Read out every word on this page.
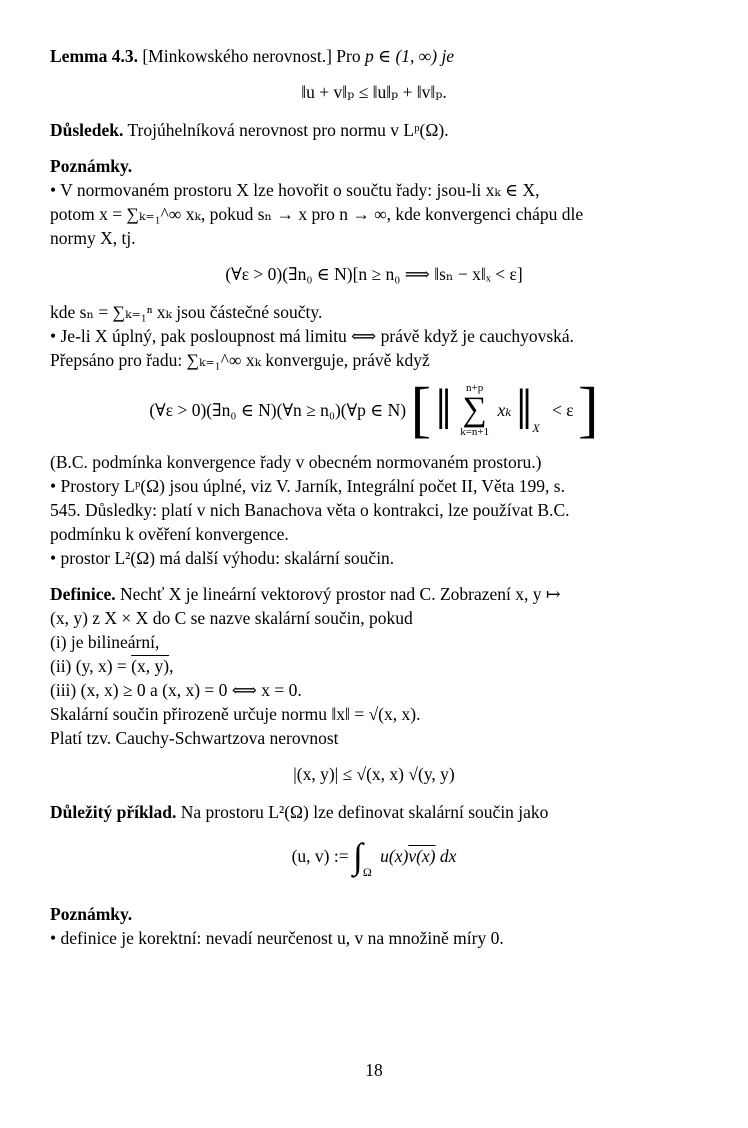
Lemma 4.3. [Minkowského nerovnost.] Pro p ∈ (1, ∞) je

‖u + v‖ₚ ≤ ‖u‖ₚ + ‖v‖ₚ.

Důsledek. Trojúhelníková nerovnost pro normu v Lᵖ(Ω).

Poznámky.

• V normovaném prostoru X lze hovořit o součtu řady: jsou-li xₖ ∈ X,

potom x = ∑ₖ₌₁^∞ xₖ, pokud sₙ → x pro n → ∞, kde konvergenci chápu dle

normy X, tj.

(∀ε > 0)(∃n₀ ∈ N)[n ≥ n₀ ⟹ ‖sₙ − x‖ₓ < ε]

kde sₙ = ∑ₖ₌₁ⁿ xₖ jsou částečné součty.

• Je-li X úplný, pak posloupnost má limitu ⟺ právě když je cauchyovská.

Přepsáno pro řadu: ∑ₖ₌₁^∞ xₖ konverguje, právě když

(∀ε > 0)(∃n₀ ∈ N)(∀n ≥ n₀)(∀p ∈ N) [ ‖ n+p
∑
k=n+1 xₖ $‖_X < \varepsilon$ ]

(B.C. podmínka konvergence řady v obecném normovaném prostoru.)

• Prostory Lᵖ(Ω) jsou úplné, viz V. Jarník, Integrální počet II, Věta 199, s.

545. Důsledky: platí v nich Banachova věta o kontrakci, lze používat B.C.

podmínku k ověření konvergence.

• prostor L²(Ω) má další výhodu: skalární součin.

Definice. Nechť X je lineární vektorový prostor nad C. Zobrazení x, y ↦

(x, y) z X × X do C se nazve skalární součin, pokud

(i) je bilineární,

(ii) (y, x) = (x, y),

(iii) (x, x) ≥ 0 a (x, x) = 0 ⟺ x = 0.

Skalární součin přirozeně určuje normu ‖x‖ = √(x, x).

Platí tzv. Cauchy-Schwartzova nerovnost

|(x, y)| ≤ √(x, x) √(y, y)

Důležitý příklad. Na prostoru L²(Ω) lze definovat skalární součin jako

(u, v) := $\int_\Omega$ u(x)v(x) dx

Poznámky.

• definice je korektní: nevadí neurčenost u, v na množině míry 0.

18
